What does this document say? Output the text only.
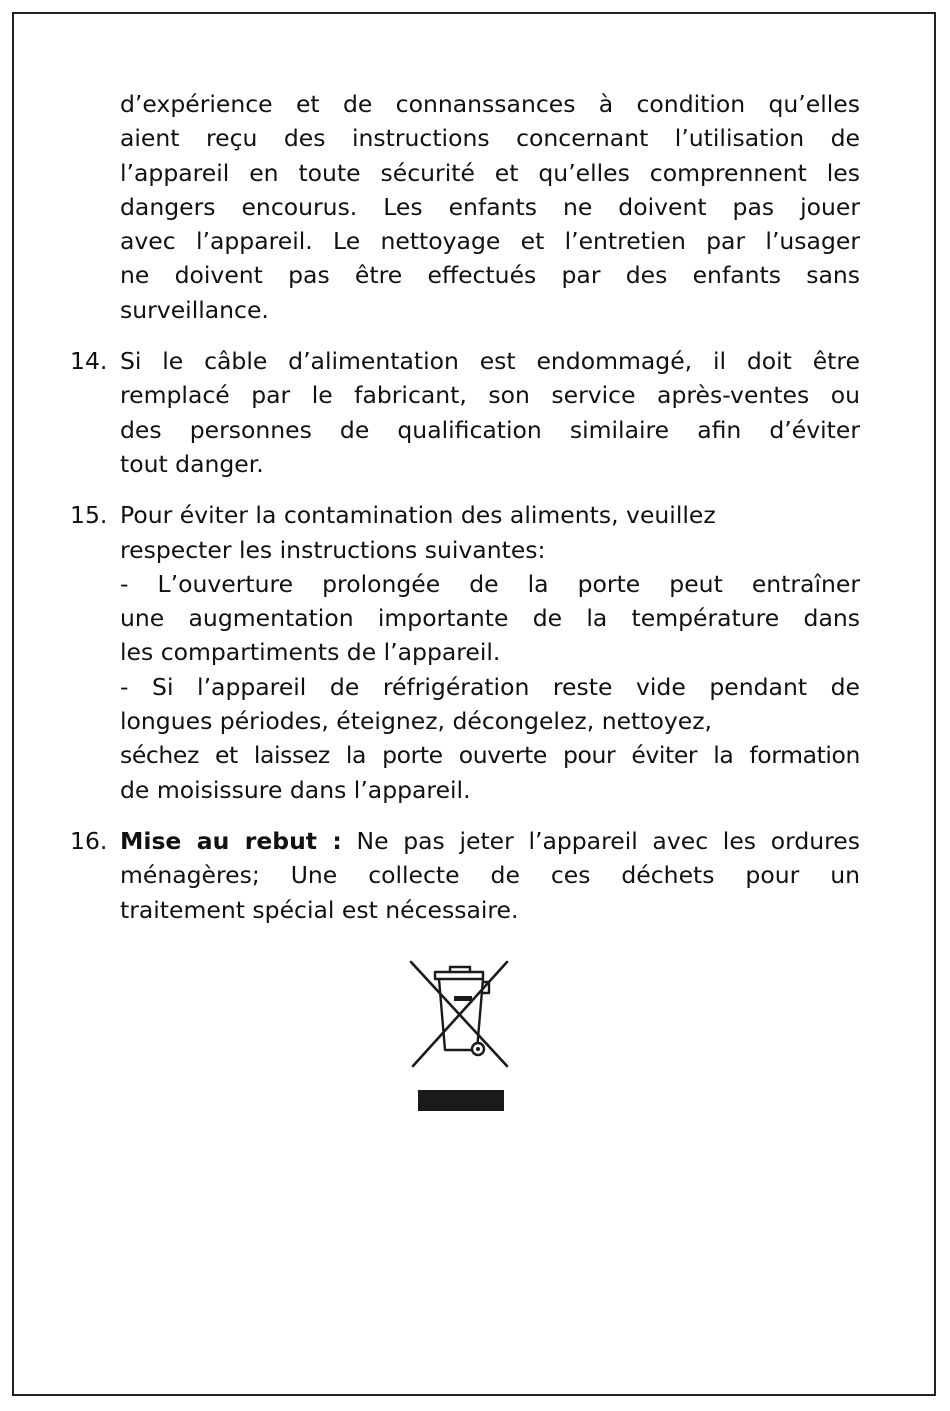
d’expérience et de connanssances à condition qu’elles
aient reçu des instructions concernant l’utilisation de
l’appareil en toute sécurité et qu’elles comprennent les
dangers encourus. Les enfants ne doivent pas jouer
avec l’appareil. Le nettoyage et l’entretien par l’usager
ne doivent pas être effectués par des enfants sans
surveillance.
14. Si le câble d’alimentation est endommagé, il doit être
remplacé par le fabricant, son service après-ventes ou
des personnes de qualification similaire afin d’éviter
tout danger.
15. Pour éviter la contamination des aliments, veuillez
respecter les instructions suivantes:
- L’ouverture prolongée de la porte peut entraîner
une augmentation importante de la température dans
les compartiments de l’appareil.
- Si l’appareil de réfrigération reste vide pendant de
longues périodes, éteignez, décongelez, nettoyez,
séchez et laissez la porte ouverte pour éviter la formation
de moisissure dans l’appareil.
16. Mise au rebut : Ne pas jeter l’appareil avec les ordures
ménagères; Une collecte de ces déchets pour un
traitement spécial est nécessaire.
